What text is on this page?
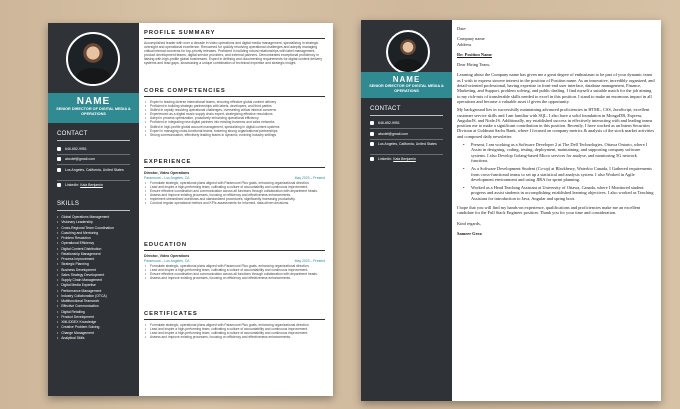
NAME
SENIOR DIRECTOR OF DIGITAL MEDIA & OPERATIONS
CONTACT
646-652-9951
abcdef@gmail.com
Los Angeles, California, United States
LinkedIn: Kala Benjamin
SKILLS
• Global Operations Management
• Visionary Leadership
• Cross-Regional Team Coordination
• Coaching and Mentoring
• Problem Resolution
• Operational Efficiency
• Digital Content Distribution
• Relationship Management
• Process Improvement
• Strategic Planning
• Business Development
• Sales Strategy Development
• Supply Chain Management
• Digital Media Expertise
• Performance Management
• Industry Collaboration (OTCA)
• Multifunctional Teamwork
• Effective Communication
• Digital Retailing
• Product Development
• XML/DDEX Knowledge
• Creative Problem Solving
• Change Management
• Analytical Skills
PROFILE SUMMARY
Accomplished leader with over a decade in video operations and digital media management, specializing in strategic oversight and operational excellence. Renowned for quickly resolving operational challenges and adeptly managing critical internal concerns for top-priority releases. Proficient in building robust relationships with label management, product development teams, digital service providers, and external partners. Demonstrates exceptional proficiency in liaising with high-profile global businesses. Expert in defining and documenting requirements for digital content delivery systems and lead gaps, showcasing a unique combination of technical expertise and strategic insight.
CORE COMPETENCIES
• Expert in leading diverse international teams, ensuring effective global content delivery
• Proficient in building strategic partnerships with labels, developers, and third parties
• Skilled in rapidly resolving operational challenges, overseeing critical internal concerns
• Experienced as a digital music supply chain expert, strategizing effective resolutions
• Adept in process optimization, proactively enhancing operational efficiency
• Proficient in integrating new digital partners into existing business and sales networks
• Skilled in high-profile global account management, specializing in digital content systems
• Expert in managing cross-functional teams, fostering strong organizational partnerships
• Strong communication, effectively leading teams in dynamic, evolving industry settings
EXPERIENCE
Director, Video Operations
Paramount – Los Angeles, CA	May 2023 – Present
• Formulate strategic, operational plans aligned with Paramount Plus goals, enhancing organizational direction.
• Lead and inspire a high-performing team, cultivating a culture of accountability and continuous improvement.
• Ensure effective coordination and communication across all functions through collaboration with department heads.
• Assess and improve existing processes, focusing on efficiency and effectiveness enhancements.
• Implement streamlined workflows and standardized procedures, significantly increasing productivity.
• Conduct regular operational metrics and KPIs assessments for informed, data-driven decisions.
EDUCATION
Director, Video Operations
Paramount – Los Angeles, CA	May 2023 – Present
• Formulate strategic, operational plans aligned with Paramount Plus goals, enhancing organizational direction.
• Lead and inspire a high-performing team, cultivating a culture of accountability and continuous improvement.
• Ensure effective coordination and communication across all functions through collaboration with department heads.
• Assess and improve existing processes, focusing on efficiency and effectiveness enhancements.
CERTIFICATES
• Formulate strategic, operational plans aligned with Paramount Plus goals, enhancing organizational direction.
• Lead and inspire a high-performing team, cultivating a culture of accountability and continuous improvement.
• Lead and inspire a high-performing team, cultivating a culture of accountability and continuous improvement.
• Assess and improve existing processes, focusing on efficiency and effectiveness enhancements.
NAME
SENIOR DIRECTOR OF DIGITAL MEDIA & OPERATIONS
CONTACT
646-652-9951
abcdef@gmail.com
Los Angeles, California, United States
LinkedIn: Kala Benjamin
Date:
Company name
Address
Re: Position Name
Dear Hiring Team,
Learning about the Company name has given me a great degree of enthusiasm to be part of your dynamic team as I wish to express sincere interest in the position of Position name. As an innovative, incredibly organized, and detail-oriented professional, having expertise in front-end user interface, database management, Finance, Marketing, and Support, problem solving, and public dealing. I find myself a suitable match for the job aiming to my rich-mix of transferable skills needed to excel in this position. I stand to make an enormous impact in all operations and become a valuable asset if given the opportunity.
My background lies in successfully maintaining advanced proficiencies in HTML, CSS, JavaScript, excellent customer service skills and I am familiar with SQL. I also have a solid foundation in MongoDB, Express, AngularJS, and Node.JS. Additionally, my established success in effectively interacting with and leading teams position me to make a significant contribution in this position. Recently, I have worked as an Intern Securities Division at Goldman Sachs Bank, where I focused on company metrics & analysis of the stock market activities and composed daily newsletter.
• Present, I am working as a Software Developer 2 at The Dell Technologies, Ottawa Ontario, where I Assist in designing, coding, testing, deployment, maintaining, and supporting company software systems. I also Develop Golang-based Micro services for analyse, and monitoring 5G network functions.
• As a Software Development Student (Co-op) at Blackberry, Waterloo Canada, I Gathered requirements from cross-functional teams to set up a statistical and analysis system. I also Worked in Agile development environment and using JIRA for sprint planning.
• Worked as a Head Teaching Assistant at University of Ottawa, Canada, where I Monitored student progress and assist students in accomplishing established learning objectives. I also worked as Teaching Assistant for introduction to Java, Angular and spring boot.
I hope that you will find my hands-on experience, qualifications and proficiencies make me an excellent candidate for the Full Stack Engineer position. Thank you for your time and consideration.
Kind regards,
Sameer Gera
